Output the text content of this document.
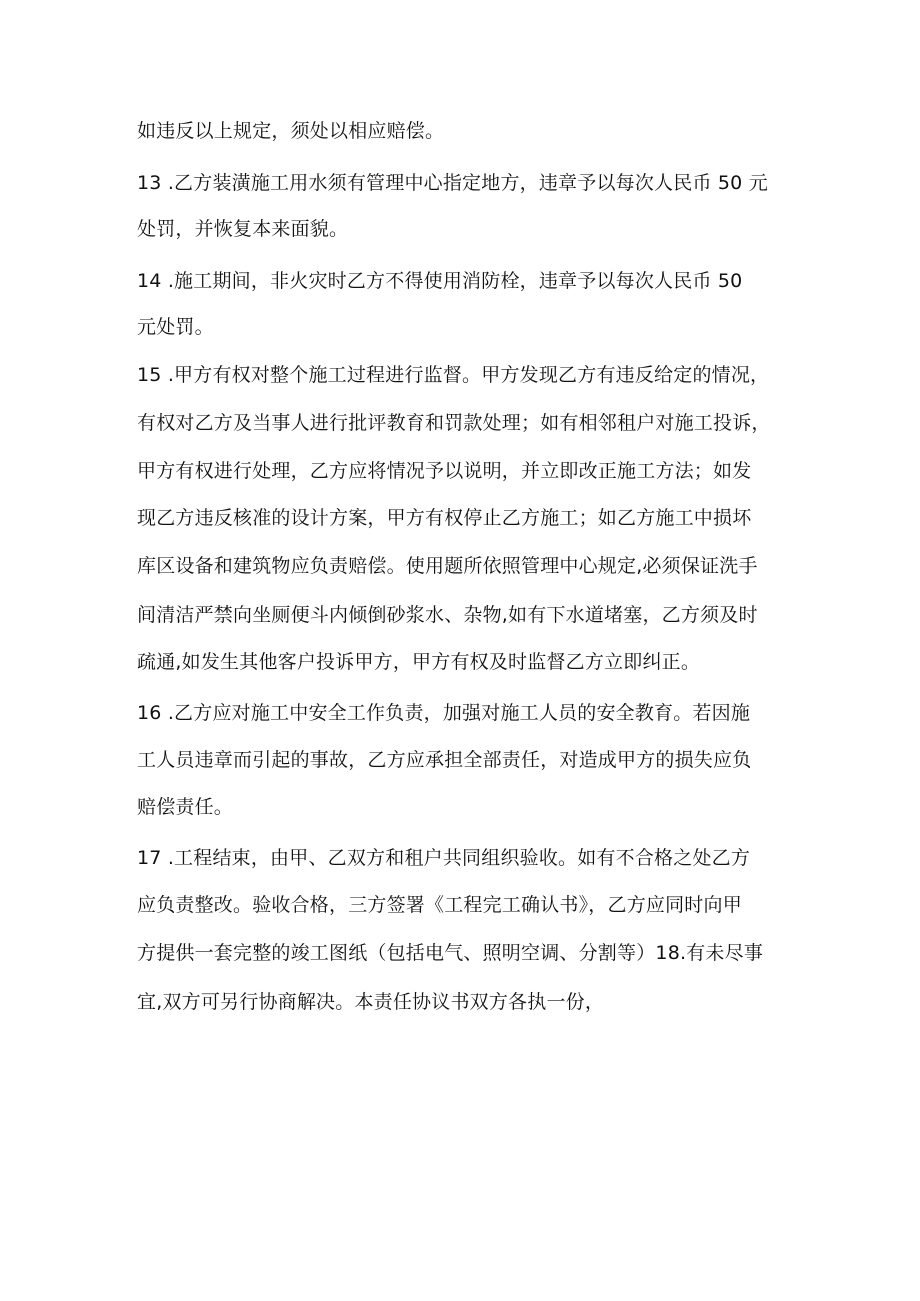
如违反以上规定，须处以相应赔偿。
13 .乙方装潢施工用水须有管理中心指定地方，违章予以每次人民币 50 元
处罚，并恢复本来面貌。
14 .施工期间，非火灾时乙方不得使用消防栓，违章予以每次人民币 50
元处罚。
15 .甲方有权对整个施工过程进行监督。甲方发现乙方有违反给定的情况，
有权对乙方及当事人进行批评教育和罚款处理；如有相邻租户对施工投诉，
甲方有权进行处理，乙方应将情况予以说明，并立即改正施工方法；如发
现乙方违反核准的设计方案，甲方有权停止乙方施工；如乙方施工中损坏
库区设备和建筑物应负责赔偿。使用题所依照管理中心规定,必须保证洗手
间清洁严禁向坐厕便斗内倾倒砂浆水、杂物,如有下水道堵塞，乙方须及时
疏通,如发生其他客户投诉甲方，甲方有权及时监督乙方立即纠正。
16 .乙方应对施工中安全工作负责，加强对施工人员的安全教育。若因施
工人员违章而引起的事故，乙方应承担全部责任，对造成甲方的损失应负
赔偿责任。
17 .工程结束，由甲、乙双方和租户共同组织验收。如有不合格之处乙方
应负责整改。验收合格，三方签署《工程完工确认书》，乙方应同时向甲
方提供一套完整的竣工图纸（包括电气、照明空调、分割等）18.有未尽事
宜,双方可另行协商解决。本责任协议书双方各执一份，
